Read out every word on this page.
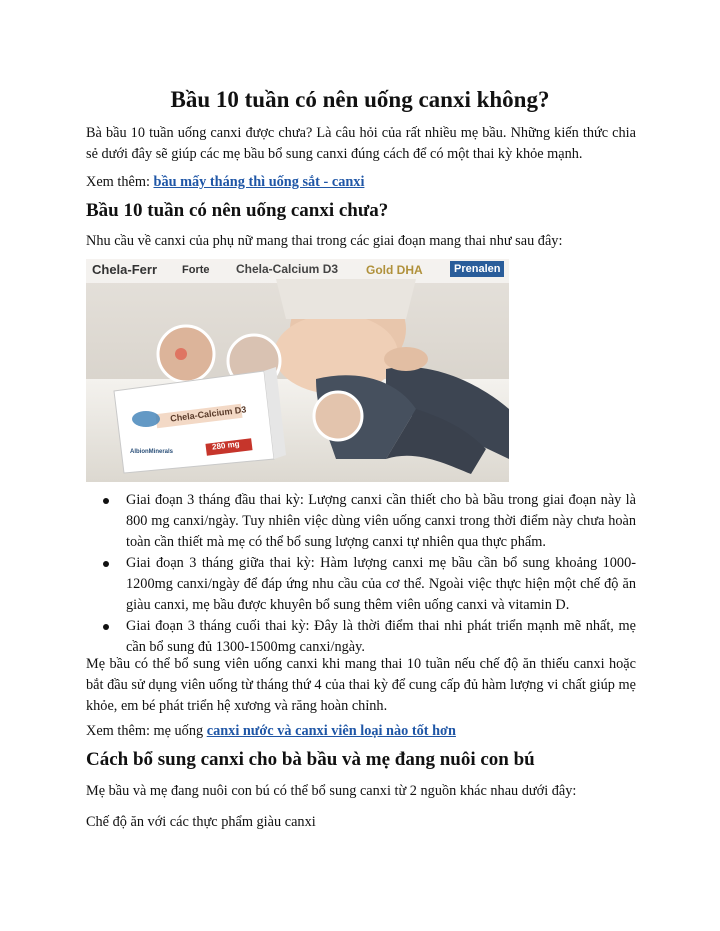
Bầu 10 tuần có nên uống canxi không?

Bà bầu 10 tuần uống canxi được chưa? Là câu hỏi của rất nhiều mẹ bầu. Những kiến thức chia sẻ dưới đây sẽ giúp các mẹ bầu bổ sung canxi đúng cách để có một thai kỳ khỏe mạnh.

Xem thêm: bầu mấy tháng thì uống sắt - canxi

Bầu 10 tuần có nên uống canxi chưa?

Nhu cầu về canxi của phụ nữ mang thai trong các giai đoạn mang thai như sau đây:

Chela-Ferr Forte Chela-Calcium D3 Gold DHA	Prenalen
Chela-Calcium D3
280 mg
AlbionMinerals
Giai đoạn 3 tháng đầu thai kỳ: Lượng canxi cần thiết cho bà bầu trong giai đoạn này là 800 mg canxi/ngày. Tuy nhiên việc dùng viên uống canxi trong thời điểm này chưa hoàn toàn cần thiết mà mẹ có thể bổ sung lượng canxi tự nhiên qua thực phẩm.
Giai đoạn 3 tháng giữa thai kỳ: Hàm lượng canxi mẹ bầu cần bổ sung khoảng 1000-1200mg canxi/ngày để đáp ứng nhu cầu của cơ thể. Ngoài việc thực hiện một chế độ ăn giàu canxi, mẹ bầu được khuyên bổ sung thêm viên uống canxi và vitamin D.
Giai đoạn 3 tháng cuối thai kỳ: Đây là thời điểm thai nhi phát triển mạnh mẽ nhất, mẹ cần bổ sung đủ 1300-1500mg canxi/ngày.

Mẹ bầu có thể bổ sung viên uống canxi khi mang thai 10 tuần nếu chế độ ăn thiếu canxi hoặc bắt đầu sử dụng viên uống từ tháng thứ 4 của thai kỳ để cung cấp đủ hàm lượng vi chất giúp mẹ khỏe, em bé phát triển hệ xương và răng hoàn chỉnh.

Xem thêm: mẹ uống canxi nước và canxi viên loại nào tốt hơn

Cách bổ sung canxi cho bà bầu và mẹ đang nuôi con bú

Mẹ bầu và mẹ đang nuôi con bú có thể bổ sung canxi từ 2 nguồn khác nhau dưới đây:

Chế độ ăn với các thực phẩm giàu canxi
